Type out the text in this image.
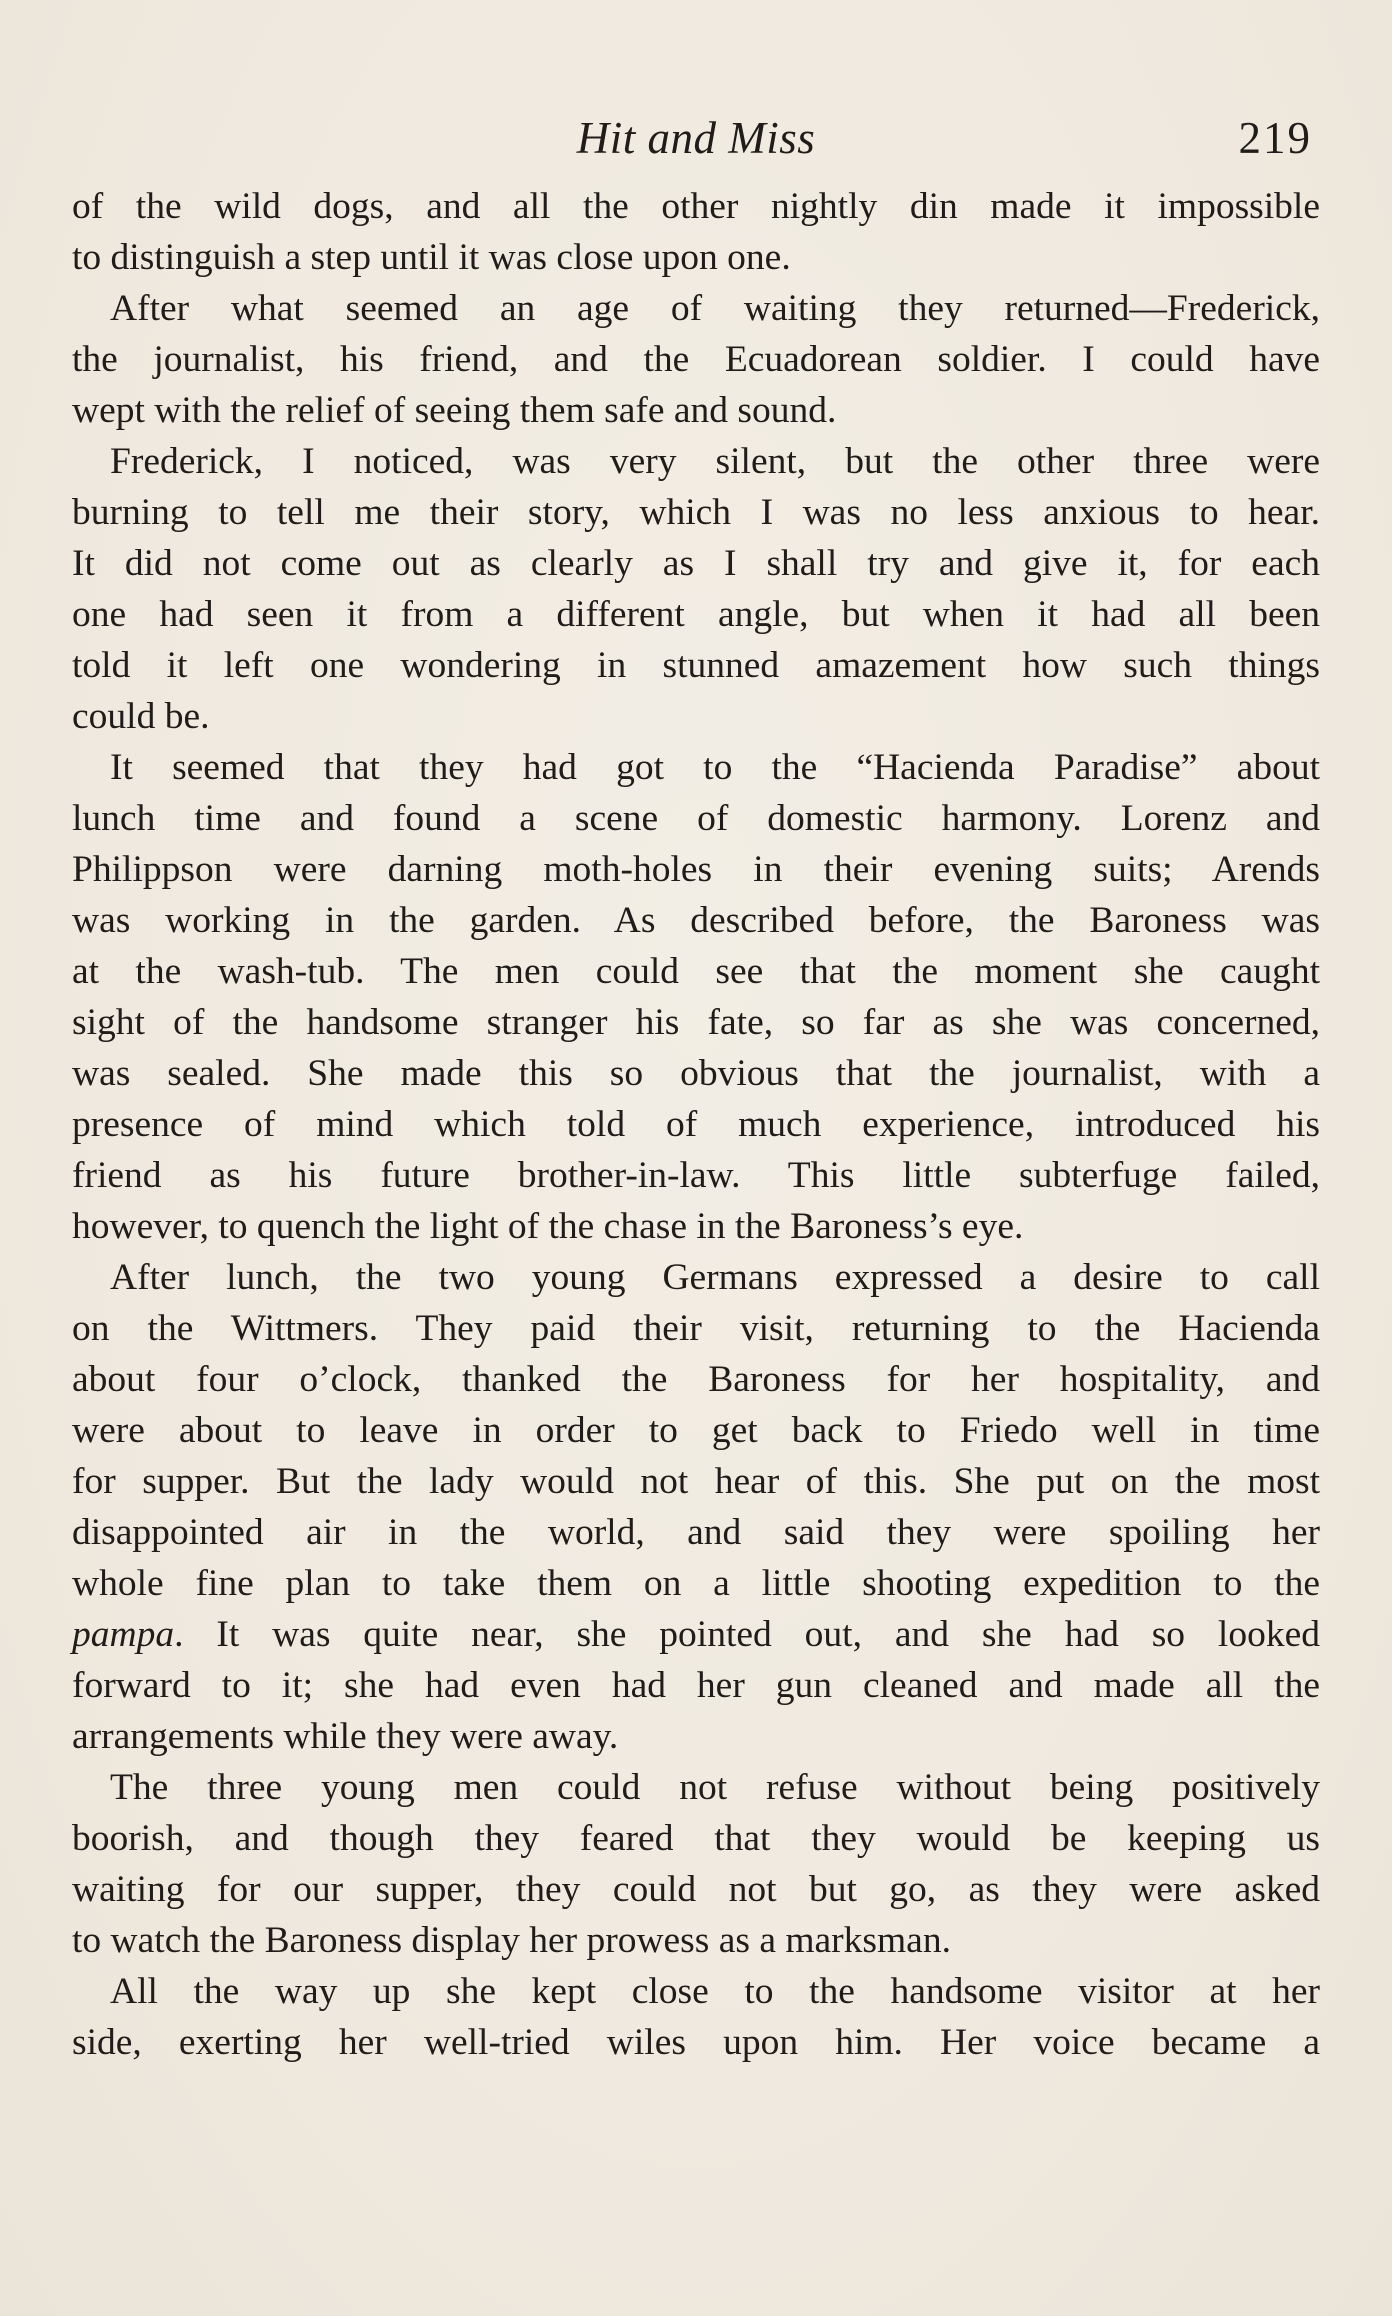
Hit and Miss	219

of the wild dogs, and all the other nightly din made it impossible

to distinguish a step until it was close upon one.

After what seemed an age of waiting they returned—Frederick,

the journalist, his friend, and the Ecuadorean soldier. I could have

wept with the relief of seeing them safe and sound.

Frederick, I noticed, was very silent, but the other three were

burning to tell me their story, which I was no less anxious to hear.

It did not come out as clearly as I shall try and give it, for each

one had seen it from a different angle, but when it had all been

told it left one wondering in stunned amazement how such things

could be.

It seemed that they had got to the “Hacienda Paradise” about

lunch time and found a scene of domestic harmony. Lorenz and

Philippson were darning moth-holes in their evening suits; Arends

was working in the garden. As described before, the Baroness was

at the wash-tub. The men could see that the moment she caught

sight of the handsome stranger his fate, so far as she was concerned,

was sealed. She made this so obvious that the journalist, with a

presence of mind which told of much experience, introduced his

friend as his future brother-in-law. This little subterfuge failed,

however, to quench the light of the chase in the Baroness’s eye.

After lunch, the two young Germans expressed a desire to call

on the Wittmers. They paid their visit, returning to the Hacienda

about four o’clock, thanked the Baroness for her hospitality, and

were about to leave in order to get back to Friedo well in time

for supper. But the lady would not hear of this. She put on the most

disappointed air in the world, and said they were spoiling her

whole fine plan to take them on a little shooting expedition to the

pampa. It was quite near, she pointed out, and she had so looked

forward to it; she had even had her gun cleaned and made all the

arrangements while they were away.

The three young men could not refuse without being positively

boorish, and though they feared that they would be keeping us

waiting for our supper, they could not but go, as they were asked

to watch the Baroness display her prowess as a marksman.

All the way up she kept close to the handsome visitor at her

side, exerting her well-tried wiles upon him. Her voice became a
